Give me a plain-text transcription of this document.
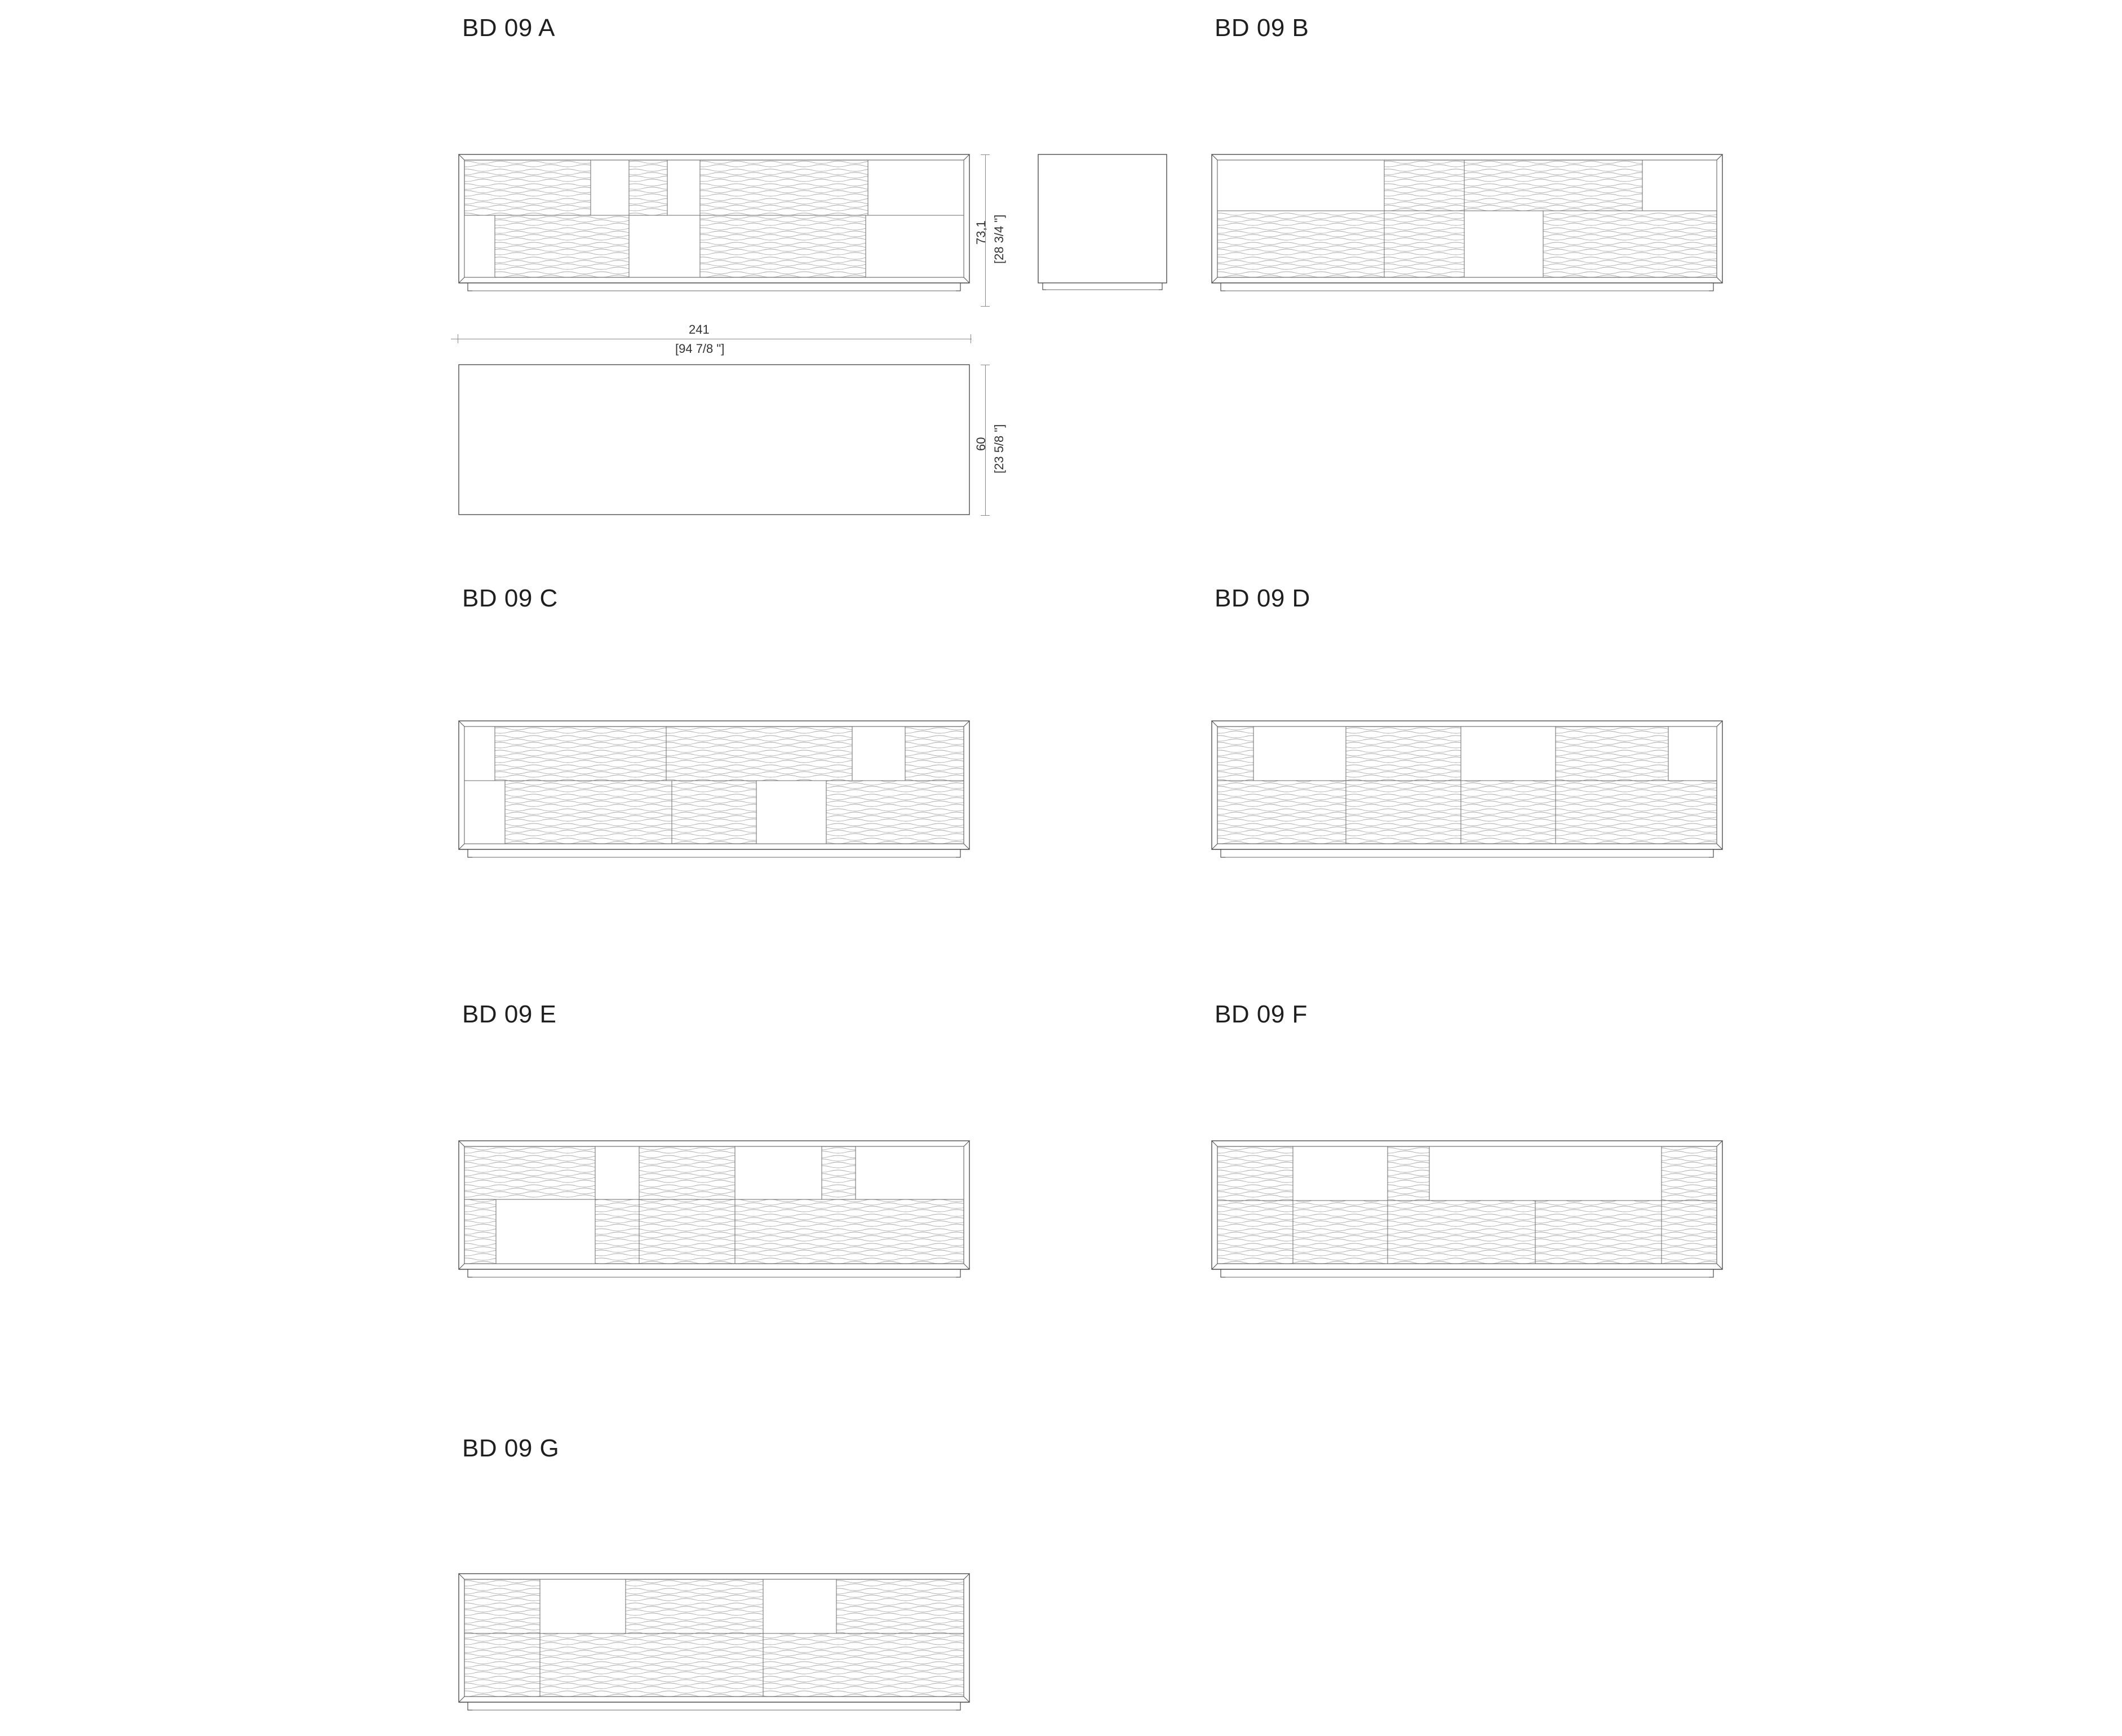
BD 09 A	BD 09 B
BD 09 C	BD 09 D
BD 09 E	BD 09 F
BD 09 G
73,1 [28 3/4 "]
241
[94 7/8 "]
60 [23 5/8 "]
